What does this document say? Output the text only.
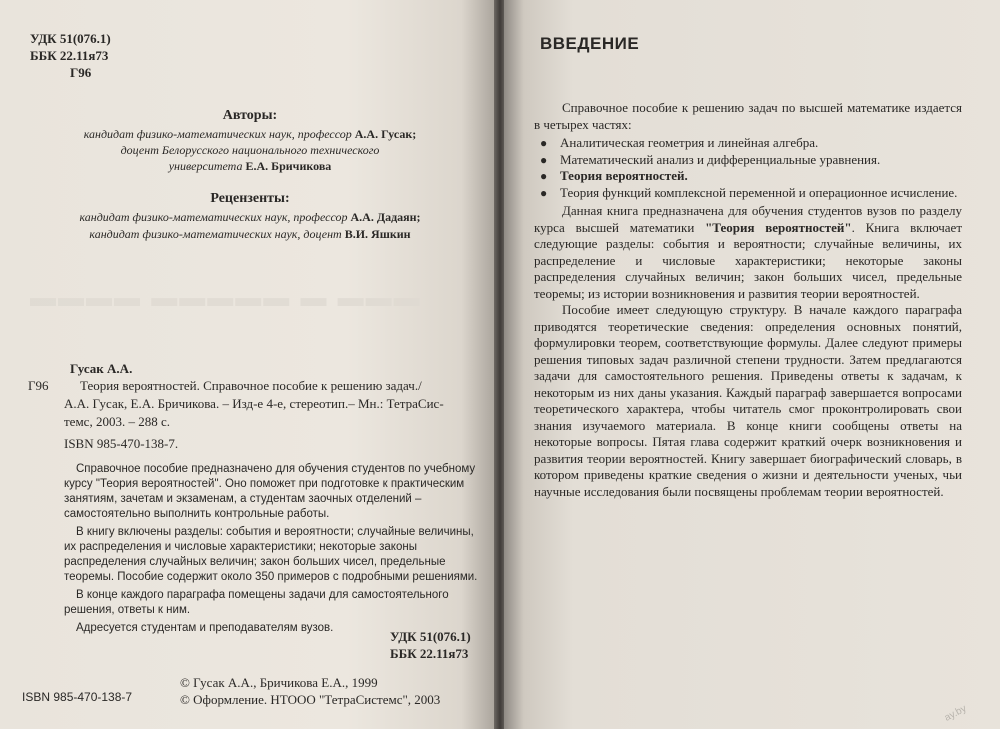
УДК 51(076.1)
ББК 22.11я73
Г96
Авторы:
кандидат физико-математических наук, профессор А.А. Гусак;
доцент Белорусского национального технического
университета Е.А. Бричикова
Рецензенты:
кандидат физико-математических наук, профессор А.А. Дадаян;
кандидат физико-математических наук, доцент В.И. Яшкин
▬▬▬▬ ▬▬▬▬▬ ▬ ▬▬▬
Гусак А.А.
Г96 Теория вероятностей. Справочное пособие к решению задач./
А.А. Гусак, Е.А. Бричикова. – Изд-е 4-е, стереотип.– Мн.: ТетраСис-
темс, 2003. – 288 с.
ISBN 985-470-138-7.

Справочное пособие предназначено для обучения студентов по учебному курсу "Теория вероятностей". Оно поможет при подготовке к практическим занятиям, зачетам и экзаменам, а студентам заочных отделений – самостоятельно выполнить контрольные работы.

В книгу включены разделы: события и вероятности; случайные величины, их распределения и числовые характеристики; некоторые законы распределения случайных величин; закон больших чисел, предельные теоремы. Пособие содержит около 350 примеров с подробными решениями.

В конце каждого параграфа помещены задачи для самостоятельного решения, ответы к ним.

Адресуется студентам и преподавателям вузов.

УДК 51(076.1)
ББК 22.11я73
© Гусак А.А., Бричикова Е.А., 1999
ISBN 985-470-138-7	© Оформление. НТООО "ТетраСистемс", 2003
ВВЕДЕНИЕ

Справочное пособие к решению задач по высшей математике издается в четырех частях:

● Аналитическая геометрия и линейная алгебра.
● Математический анализ и дифференциальные уравнения.
● Теория вероятностей.
● Теория функций комплексной переменной и операционное исчисление.

Данная книга предназначена для обучения студентов вузов по разделу курса высшей математики "Теория вероятностей". Книга включает следующие разделы: события и вероятности; случайные величины, их распределение и числовые характеристики; некоторые законы распределения случайных величин; закон больших чисел, предельные теоремы; из истории возникновения и развития теории вероятностей.

Пособие имеет следующую структуру. В начале каждого параграфа приводятся теоретические сведения: определения основных понятий, формулировки теорем, соответствующие формулы. Далее следуют примеры решения типовых задач различной степени трудности. Затем предлагаются задачи для самостоятельного решения. Приведены ответы к задачам, к некоторым из них даны указания. Каждый параграф завершается вопросами теоретического характера, чтобы читатель смог проконтролировать свои знания изучаемого материала. В конце книги сообщены ответы на некоторые вопросы. Пятая глава содержит краткий очерк возникновения и развития теории вероятностей. Книгу завершает биографический словарь, в котором приведены краткие сведения о жизни и деятельности ученых, чьи научные исследования были посвящены проблемам теории вероятностей.

ay.by
